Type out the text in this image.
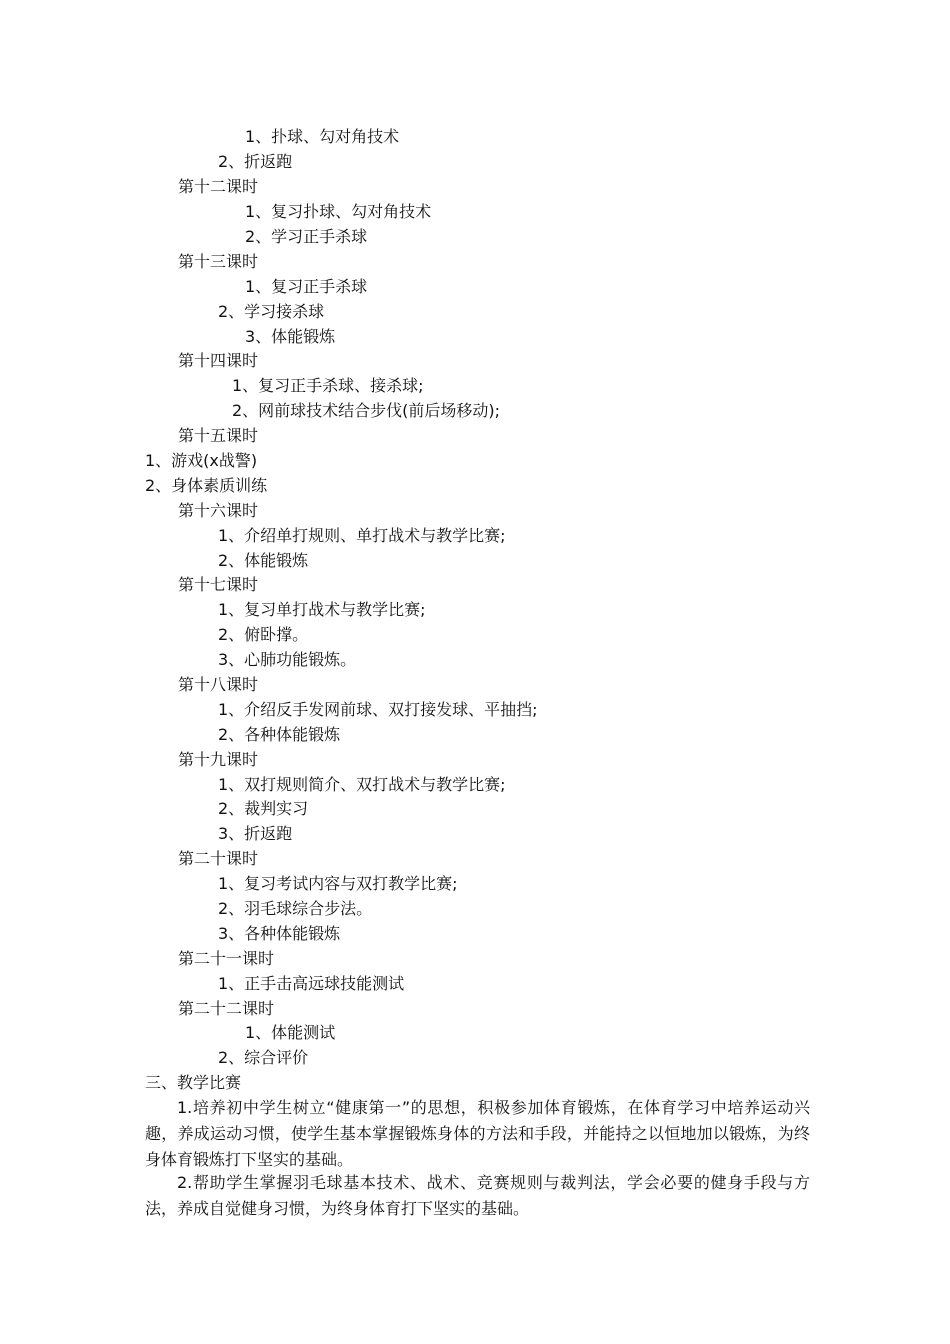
1、扑球、勾对角技术

2、折返跑

第十二课时

1、复习扑球、勾对角技术

2、学习正手杀球

第十三课时

1、复习正手杀球

2、学习接杀球

3、体能锻炼

第十四课时

1、复习正手杀球、接杀球;

2、网前球技术结合步伐(前后场移动);

第十五课时

1、游戏(x战警)

2、身体素质训练

第十六课时

1、介绍单打规则、单打战术与教学比赛;

2、体能锻炼

第十七课时

1、复习单打战术与教学比赛;

2、俯卧撑。

3、心肺功能锻炼。

第十八课时

1、介绍反手发网前球、双打接发球、平抽挡;

2、各种体能锻炼

第十九课时

1、双打规则简介、双打战术与教学比赛;

2、裁判实习

3、折返跑

第二十课时

1、复习考试内容与双打教学比赛;

2、羽毛球综合步法。

3、各种体能锻炼

第二十一课时

1、正手击高远球技能测试

第二十二课时

1、体能测试

2、综合评价

三、教学比赛

1.培养初中学生树立“健康第一”的思想，积极参加体育锻炼，在体育学习中培养运动兴趣，养成运动习惯，使学生基本掌握锻炼身体的方法和手段，并能持之以恒地加以锻炼，为终身体育锻炼打下坚实的基础。

2.帮助学生掌握羽毛球基本技术、战术、竞赛规则与裁判法，学会必要的健身手段与方法，养成自觉健身习惯，为终身体育打下坚实的基础。
